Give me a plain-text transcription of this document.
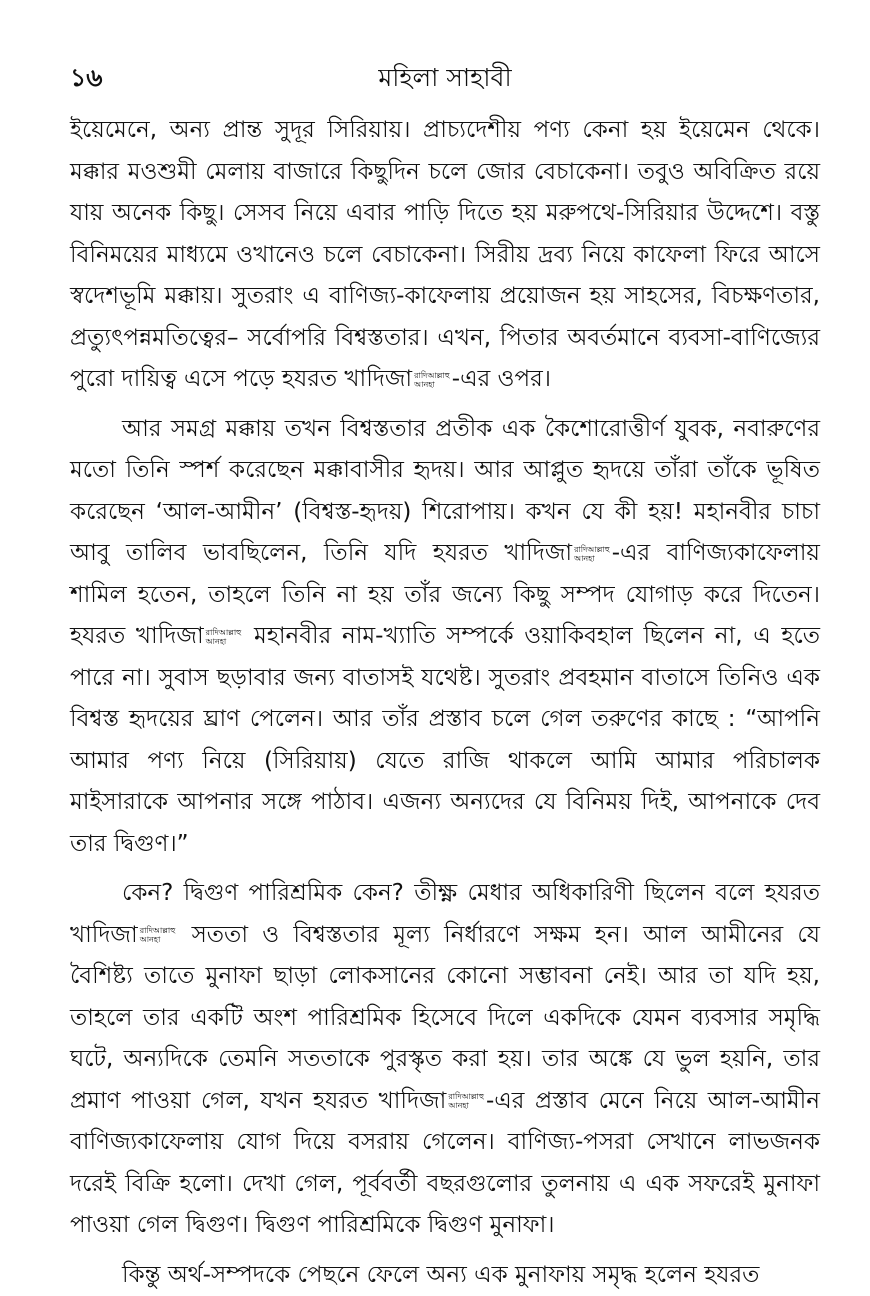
১৬	মহিলা সাহাবী

ইয়েমেনে, অন্য প্রান্ত সুদূর সিরিয়ায়। প্রাচ্যদেশীয় পণ্য কেনা হয় ইয়েমেন থেকে। মক্কার মওশুমী মেলায় বাজারে কিছুদিন চলে জোর বেচাকেনা। তবুও অবিক্রিত রয়ে যায় অনেক কিছু। সেসব নিয়ে এবার পাড়ি দিতে হয় মরুপথে-সিরিয়ার উদ্দেশে। বস্তু বিনিময়ের মাধ্যমে ওখানেও চলে বেচাকেনা। সিরীয় দ্রব্য নিয়ে কাফেলা ফিরে আসে স্বদেশভূমি মক্কায়। সুতরাং এ বাণিজ্য-কাফেলায় প্রয়োজন হয় সাহসের, বিচক্ষণতার, প্রত্যুৎপন্নমতিত্বের– সর্বোপরি বিশ্বস্ততার। এখন, পিতার অবর্তমানে ব্যবসা-বাণিজ্যের পুরো দায়িত্ব এসে পড়ে হযরত খাদিজা রাদিআল্লাহু
আনহা -এর ওপর।

আর সমগ্র মক্কায় তখন বিশ্বস্ততার প্রতীক এক কৈশোরোত্তীর্ণ যুবক, নবারুণের মতো তিনি স্পর্শ করেছেন মক্কাবাসীর হৃদয়। আর আপ্লুত হৃদয়ে তাঁরা তাঁকে ভূষিত করেছেন ‘আল-আমীন’ (বিশ্বস্ত-হৃদয়) শিরোপায়। কখন যে কী হয়! মহানবীর চাচা আবু তালিব ভাবছিলেন, তিনি যদি হযরত খাদিজা রাদিআল্লাহু
আনহা -এর বাণিজ্যকাফেলায় শামিল হতেন, তাহলে তিনি না হয় তাঁর জন্যে কিছু সম্পদ যোগাড় করে দিতেন। হযরত খাদিজা রাদিআল্লাহু
আনহা মহানবীর নাম-খ্যাতি সম্পর্কে ওয়াকিবহাল ছিলেন না, এ হতে পারে না। সুবাস ছড়াবার জন্য বাতাসই যথেষ্ট। সুতরাং প্রবহমান বাতাসে তিনিও এক বিশ্বস্ত হৃদয়ের ঘ্রাণ পেলেন। আর তাঁর প্রস্তাব চলে গেল তরুণের কাছে : “আপনি আমার পণ্য নিয়ে (সিরিয়ায়) যেতে রাজি থাকলে আমি আমার পরিচালক মাইসারাকে আপনার সঙ্গে পাঠাব। এজন্য অন্যদের যে বিনিময় দিই, আপনাকে দেব তার দ্বিগুণ।”

কেন? দ্বিগুণ পারিশ্রমিক কেন? তীক্ষ্ণ মেধার অধিকারিণী ছিলেন বলে হযরত খাদিজা রাদিআল্লাহু
আনহা সততা ও বিশ্বস্ততার মূল্য নির্ধারণে সক্ষম হন। আল আমীনের যে বৈশিষ্ট্য তাতে মুনাফা ছাড়া লোকসানের কোনো সম্ভাবনা নেই। আর তা যদি হয়, তাহলে তার একটি অংশ পারিশ্রমিক হিসেবে দিলে একদিকে যেমন ব্যবসার সমৃদ্ধি ঘটে, অন্যদিকে তেমনি সততাকে পুরস্কৃত করা হয়। তার অঙ্কে যে ভুল হয়নি, তার প্রমাণ পাওয়া গেল, যখন হযরত খাদিজা রাদিআল্লাহু
আনহা -এর প্রস্তাব মেনে নিয়ে আল-আমীন বাণিজ্যকাফেলায় যোগ দিয়ে বসরায় গেলেন। বাণিজ্য-পসরা সেখানে লাভজনক দরেই বিক্রি হলো। দেখা গেল, পূর্ববর্তী বছরগুলোর তুলনায় এ এক সফরেই মুনাফা পাওয়া গেল দ্বিগুণ। দ্বিগুণ পারিশ্রমিকে দ্বিগুণ মুনাফা।

কিন্তু অর্থ-সম্পদকে পেছনে ফেলে অন্য এক মুনাফায় সমৃদ্ধ হলেন হযরত
